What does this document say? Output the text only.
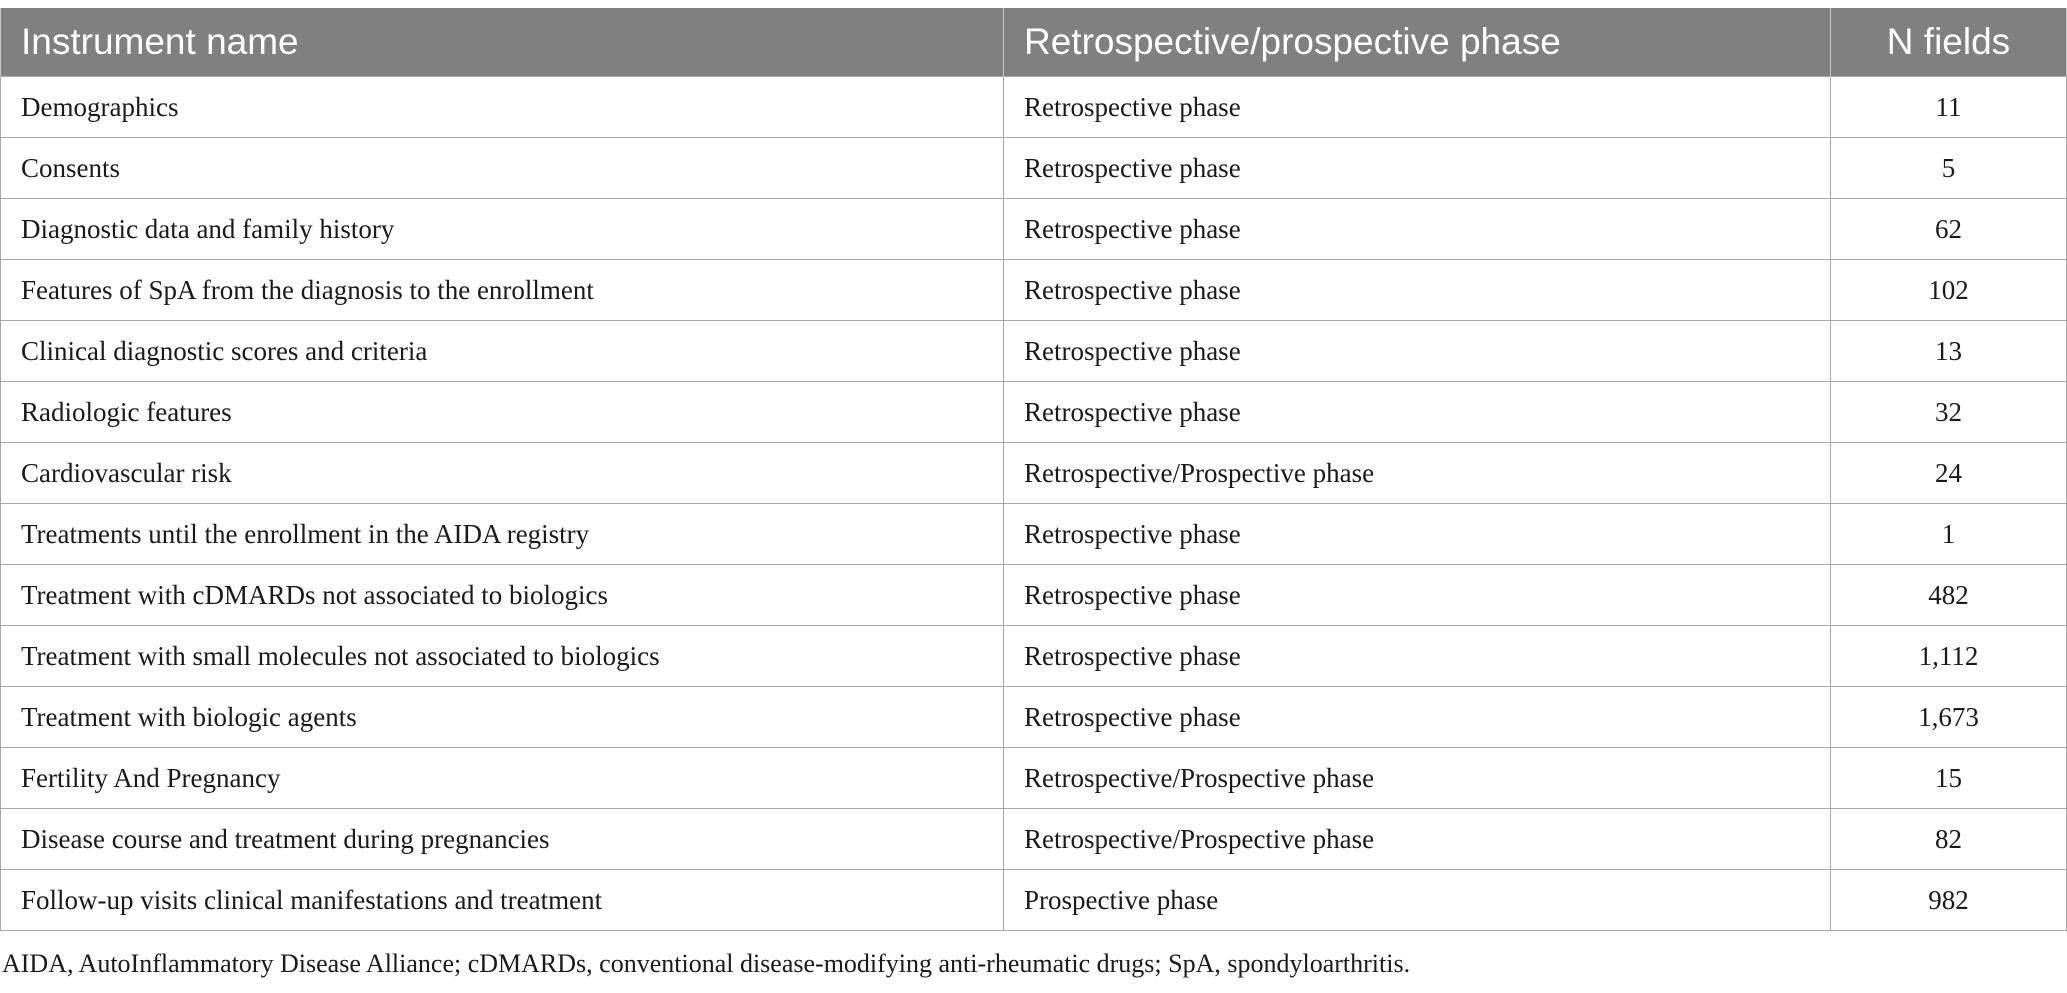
Instrument name	Retrospective/prospective phase	N fields
Demographics	Retrospective phase	11
Consents	Retrospective phase	5
Diagnostic data and family history	Retrospective phase	62
Features of SpA from the diagnosis to the enrollment	Retrospective phase	102
Clinical diagnostic scores and criteria	Retrospective phase	13
Radiologic features	Retrospective phase	32
Cardiovascular risk	Retrospective/Prospective phase	24
Treatments until the enrollment in the AIDA registry	Retrospective phase	1
Treatment with cDMARDs not associated to biologics	Retrospective phase	482
Treatment with small molecules not associated to biologics	Retrospective phase	1,112
Treatment with biologic agents	Retrospective phase	1,673
Fertility And Pregnancy	Retrospective/Prospective phase	15
Disease course and treatment during pregnancies	Retrospective/Prospective phase	82
Follow-up visits clinical manifestations and treatment	Prospective phase	982
AIDA, AutoInflammatory Disease Alliance; cDMARDs, conventional disease-modifying anti-rheumatic drugs; SpA, spondyloarthritis.
